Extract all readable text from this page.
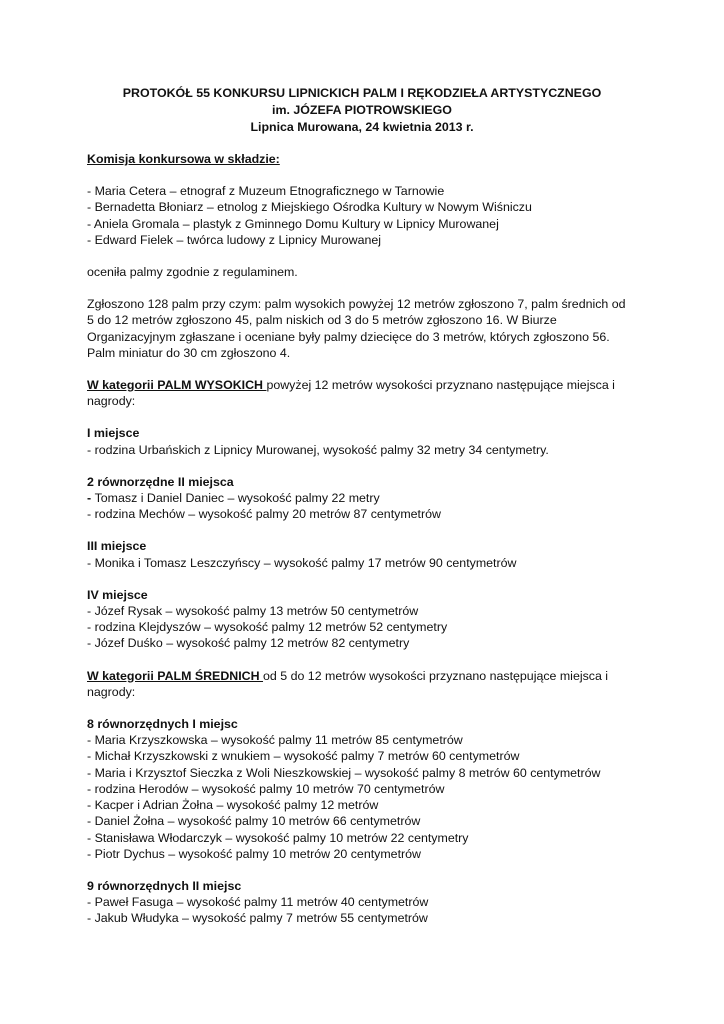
PROTOKÓŁ 55 KONKURSU LIPNICKICH PALM I RĘKODZIEŁA ARTYSTYCZNEGO
im. JÓZEFA PIOTROWSKIEGO
Lipnica Murowana, 24 kwietnia 2013 r.
Komisja konkursowa w składzie:
- Maria Cetera – etnograf z Muzeum Etnograficznego w Tarnowie
- Bernadetta Błoniarz – etnolog z Miejskiego Ośrodka Kultury w Nowym Wiśniczu
- Aniela Gromala – plastyk z Gminnego Domu Kultury w Lipnicy Murowanej
- Edward Fielek – twórca ludowy z Lipnicy Murowanej
oceniła palmy zgodnie z regulaminem.

Zgłoszono 128 palm przy czym: palm wysokich powyżej 12 metrów zgłoszono 7, palm średnich od 5 do 12 metrów zgłoszono 45, palm niskich od 3 do 5 metrów zgłoszono 16. W Biurze Organizacyjnym zgłaszane i oceniane były palmy dziecięce do 3 metrów, których zgłoszono 56. Palm miniatur do 30 cm zgłoszono 4.

W kategorii PALM WYSOKICH powyżej 12 metrów wysokości przyznano następujące miejsca i nagrody:

I miejsce
- rodzina Urbańskich z Lipnicy Murowanej, wysokość palmy 32 metry 34 centymetry.
2 równorzędne II miejsca
- Tomasz i Daniel Daniec – wysokość palmy 22 metry
- rodzina Mechów – wysokość palmy 20 metrów 87 centymetrów
III miejsce
- Monika i Tomasz Leszczyńscy – wysokość palmy 17 metrów 90 centymetrów
IV miejsce
- Józef Rysak – wysokość palmy 13 metrów 50 centymetrów
- rodzina Klejdyszów – wysokość palmy 12 metrów 52 centymetry
- Józef Duśko – wysokość palmy 12 metrów 82 centymetry

W kategorii PALM ŚREDNICH od 5 do 12 metrów wysokości przyznano następujące miejsca i nagrody:

8 równorzędnych I miejsc
- Maria Krzyszkowska – wysokość palmy 11 metrów 85 centymetrów
- Michał Krzyszkowski z wnukiem – wysokość palmy 7 metrów 60 centymetrów
- Maria i Krzysztof Sieczka z Woli Nieszkowskiej – wysokość palmy 8 metrów 60 centymetrów
- rodzina Herodów – wysokość palmy 10 metrów 70 centymetrów
- Kacper i Adrian Żołna – wysokość palmy 12 metrów
- Daniel Żołna – wysokość palmy 10 metrów 66 centymetrów
- Stanisława Włodarczyk – wysokość palmy 10 metrów 22 centymetry
- Piotr Dychus – wysokość palmy 10 metrów 20 centymetrów
9 równorzędnych II miejsc
- Paweł Fasuga – wysokość palmy 11 metrów 40 centymetrów
- Jakub Włudyka – wysokość palmy 7 metrów 55 centymetrów
